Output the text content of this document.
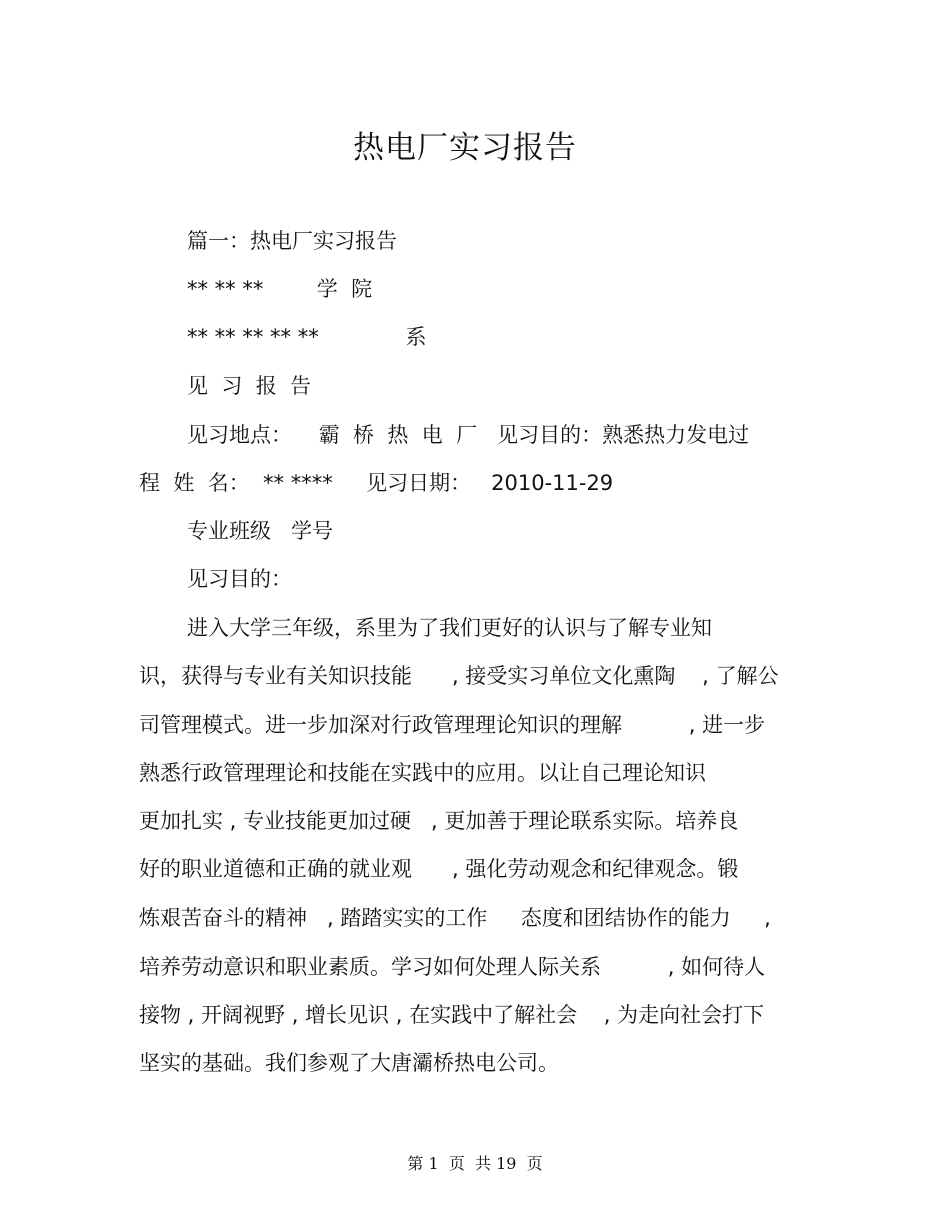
热电厂实习报告
篇一：热电厂实习报告
** ** **        学  院
** ** ** ** **             系
见  习  报  告
见习地点：    霸  桥  热  电  厂   见习目的：熟悉热力发电过
程  姓  名：  ** ****     见习日期：   2010-11-29
专业班级   学号
见习目的：
进入大学三年级，系里为了我们更好的认识与了解专业知
识，获得与专业有关知识技能      , 接受实习单位文化熏陶    , 了解公
司管理模式。进一步加深对行政管理理论知识的理解          , 进一步
熟悉行政管理理论和技能在实践中的应用。以让自己理论知识
更加扎实 , 专业技能更加过硬   , 更加善于理论联系实际。培养良
好的职业道德和正确的就业观      , 强化劳动观念和纪律观念。锻
炼艰苦奋斗的精神   , 踏踏实实的工作     态度和团结协作的能力     ,
培养劳动意识和职业素质。学习如何处理人际关系          , 如何待人
接物 , 开阔视野 , 增长见识 , 在实践中了解社会    , 为走向社会打下
坚实的基础。我们参观了大唐灞桥热电公司。
第 1  页  共 19  页
